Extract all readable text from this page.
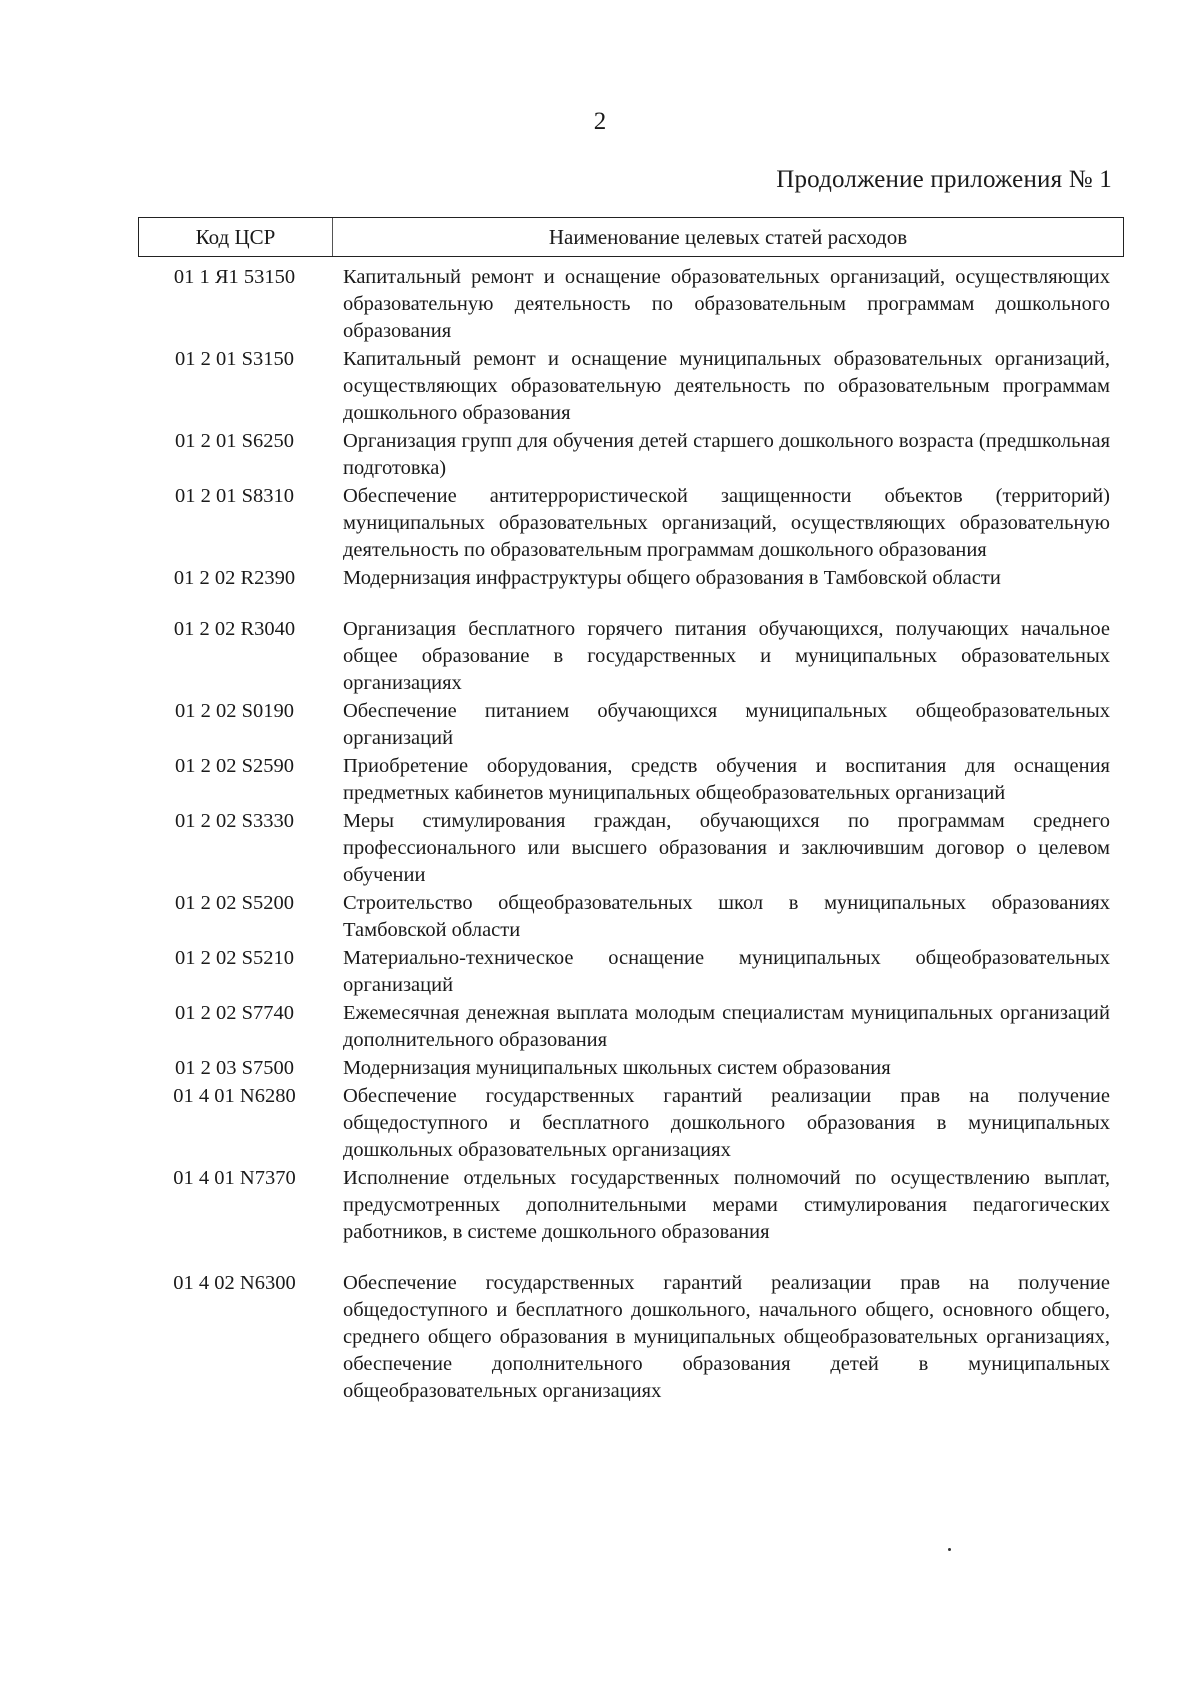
2
Продолжение приложения № 1
Код ЦСР	Наименование целевых статей расходов
01 1 Я1 53150	Капитальный ремонт и оснащение образовательных организаций, осуществляющих образовательную деятельность по образовательным программам дошкольного образования
01 2 01 S3150	Капитальный ремонт и оснащение муниципальных образовательных организаций, осуществляющих образовательную деятельность по образовательным программам дошкольного образования
01 2 01 S6250	Организация групп для обучения детей старшего дошкольного возраста (предшкольная подготовка)
01 2 01 S8310	Обеспечение антитеррористической защищенности объектов (территорий) муниципальных образовательных организаций, осуществляющих образовательную деятельность по образовательным программам дошкольного образования
01 2 02 R2390	Модернизация инфраструктуры общего образования в Тамбовской области
01 2 02 R3040	Организация бесплатного горячего питания обучающихся, получающих начальное общее образование в государственных и муниципальных образовательных организациях
01 2 02 S0190	Обеспечение питанием обучающихся муниципальных общеобразовательных организаций
01 2 02 S2590	Приобретение оборудования, средств обучения и воспитания для оснащения предметных кабинетов муниципальных общеобразовательных организаций
01 2 02 S3330	Меры стимулирования граждан, обучающихся по программам среднего профессионального или высшего образования и заключившим договор о целевом обучении
01 2 02 S5200	Строительство общеобразовательных школ в муниципальных образованиях Тамбовской области
01 2 02 S5210	Материально-техническое оснащение муниципальных общеобразовательных организаций
01 2 02 S7740	Ежемесячная денежная выплата молодым специалистам муниципальных организаций дополнительного образования
01 2 03 S7500	Модернизация муниципальных школьных систем образования
01 4 01 N6280	Обеспечение государственных гарантий реализации прав на получение общедоступного и бесплатного дошкольного образования в муниципальных дошкольных образовательных организациях
01 4 01 N7370	Исполнение отдельных государственных полномочий по осуществлению выплат, предусмотренных дополнительными мерами стимулирования педагогических работников, в системе дошкольного образования
01 4 02 N6300	Обеспечение государственных гарантий реализации прав на получение общедоступного и бесплатного дошкольного, начального общего, основного общего, среднего общего образования в муниципальных общеобразовательных организациях, обеспечение дополнительного образования детей в муниципальных общеобразовательных организациях
